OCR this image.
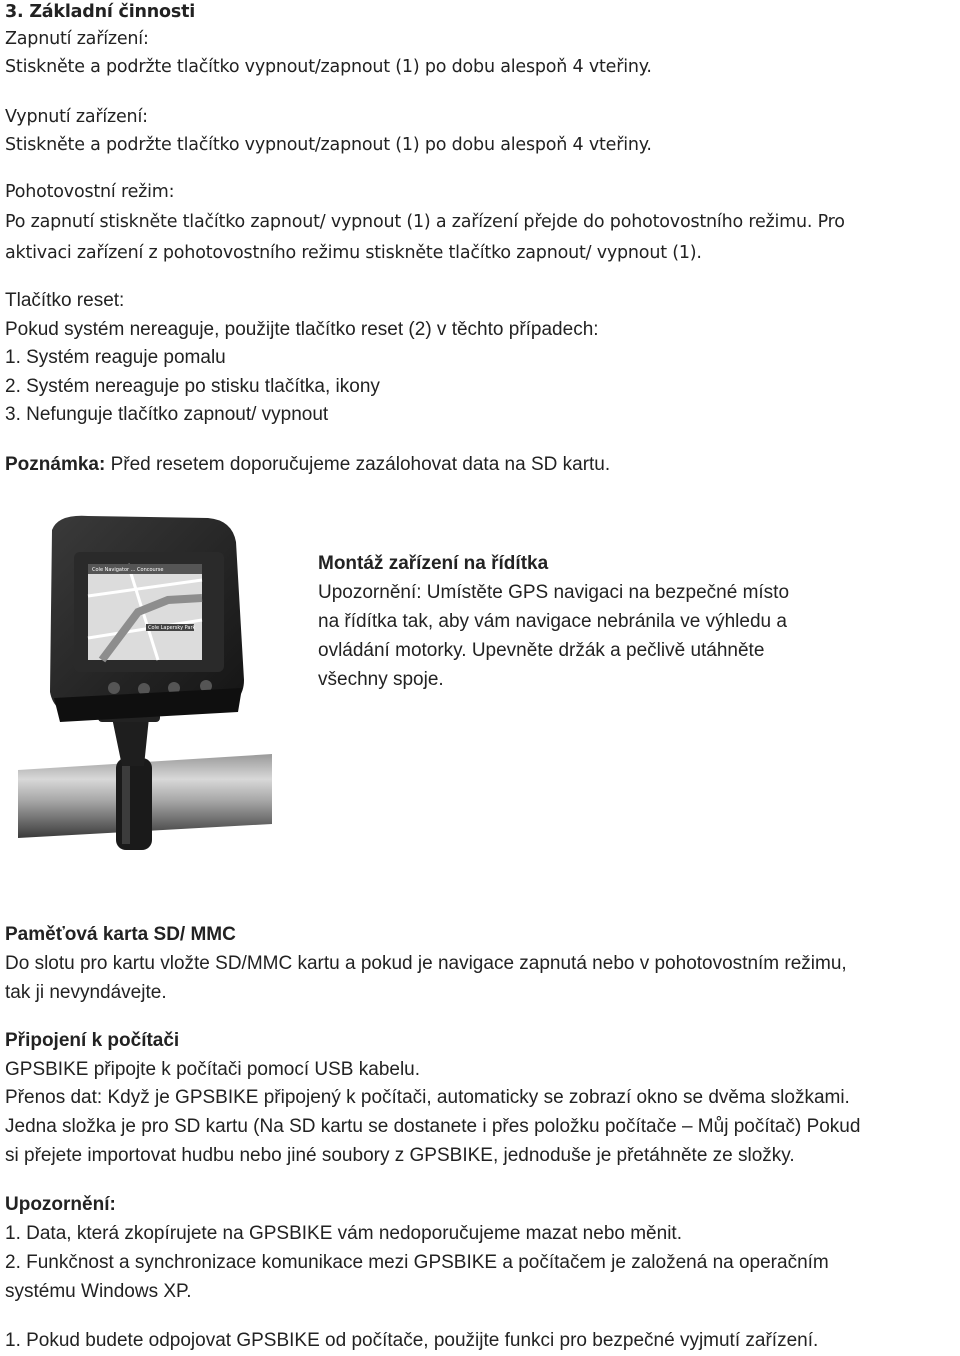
3. Základní činnosti
Zapnutí zařízení:
Stiskněte a podržte tlačítko vypnout/zapnout (1) po dobu alespoň 4 vteřiny.
Vypnutí zařízení:
Stiskněte a podržte tlačítko vypnout/zapnout (1) po dobu alespoň 4 vteřiny.
Pohotovostní režim:
Po zapnutí stiskněte tlačítko zapnout/ vypnout (1) a zařízení přejde do pohotovostního režimu. Pro
aktivaci zařízení z pohotovostního režimu stiskněte tlačítko zapnout/ vypnout (1).
Tlačítko reset:
Pokud systém nereaguje, použijte tlačítko reset (2) v těchto případech:
1. Systém reaguje pomalu
2. Systém nereaguje po stisku tlačítka, ikony
3. Nefunguje tlačítko zapnout/ vypnout
Poznámka: Před resetem doporučujeme zazálohovat data na SD kartu.
Cole Navigator ... Concourse
Cole Lapersky Park
Montáž zařízení na řídítka
Upozornění: Umístěte GPS navigaci na bezpečné místo
na řídítka tak, aby vám navigace nebránila ve výhledu a
ovládání motorky. Upevněte držák a pečlivě utáhněte
všechny spoje.
Paměťová karta SD/ MMC
Do slotu pro kartu vložte SD/MMC kartu a pokud je navigace zapnutá nebo v pohotovostním režimu,
tak ji nevyndávejte.
Připojení k počítači
GPSBIKE připojte k počítači pomocí USB kabelu.
Přenos dat: Když je GPSBIKE připojený k počítači, automaticky se zobrazí okno se dvěma složkami.
Jedna složka je pro SD kartu (Na SD kartu se dostanete i přes položku počítače – Můj počítač) Pokud
si přejete importovat hudbu nebo jiné soubory z GPSBIKE, jednoduše je přetáhněte ze složky.
Upozornění:
1. Data, která zkopírujete na GPSBIKE vám nedoporučujeme mazat nebo měnit.
2. Funkčnost a synchronizace komunikace mezi GPSBIKE a počítačem je založená na operačním
systému Windows XP.
1. Pokud budete odpojovat GPSBIKE od počítače, použijte funkci pro bezpečné vyjmutí zařízení.
